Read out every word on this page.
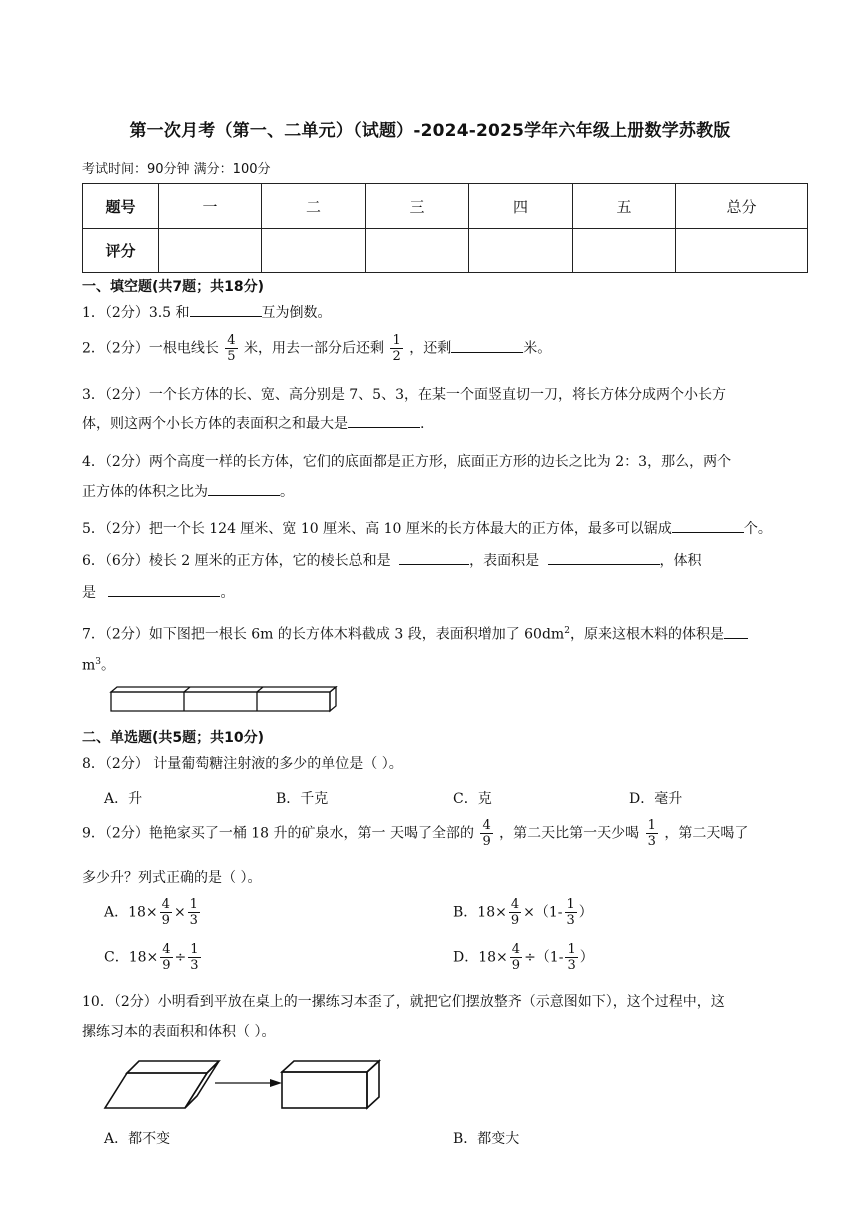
第一次月考（第一、二单元）（试题）-2024-2025学年六年级上册数学苏教版
考试时间：90分钟 满分：100分
题号	一	二	三	四	五	总分
评分						
一、填空题(共7题；共18分)
1．（2分）3.5 和	互为倒数。
2．（2分）一根电线长 $\frac{4}{5}$ 米，用去一部分后还剩 $\frac{1}{2}$ ，还剩	米。
3．（2分）一个长方体的长、宽、高分别是 7、5、3，在某一个面竖直切一刀，将长方体分成两个小长方
体，则这两个小长方体的表面积之和最大是	.
4．（2分）两个高度一样的长方体，它们的底面都是正方形，底面正方形的边长之比为 2：3，那么，两个
正方体的体积之比为	。
5．（2分）把一个长 124 厘米、宽 10 厘米、高 10 厘米的长方体最大的正方体，最多可以锯成	个。
6．（6分）棱长 2 厘米的正方体，它的棱长总和是	，表面积是	，体积
是	。
7．（2分）如下图把一根长 6m 的长方体木料截成 3 段，表面积增加了 $60dm^2$，原来这根木料的体积是
$m^3$。
二、单选题(共5题；共10分)
8．（2分） 计量葡萄糖注射液的多少的单位是（ ）。
A．升	B．千克	C．克	D．毫升
9．（2分）艳艳家买了一桶 18 升的矿泉水，第一 天喝了全部的 $\frac{4}{9}$ ，第二天比第一天少喝 $\frac{1}{3}$ ，第二天喝了
多少升？列式正确的是（ ）。
A．$18\times \frac{4}{9} \times \frac{1}{3}$	B．$18\times \frac{4}{9} \times(1- \frac{1}{3}$ ）
C．$18\times \frac{4}{9} \div \frac{1}{3}$	D．$18\times \frac{4}{9} \div(1- \frac{1}{3}$ ）
10．（2分）小明看到平放在桌上的一摞练习本歪了，就把它们摆放整齐（示意图如下），这个过程中，这
摞练习本的表面积和体积（ ）。
A．都不变	B．都变大
